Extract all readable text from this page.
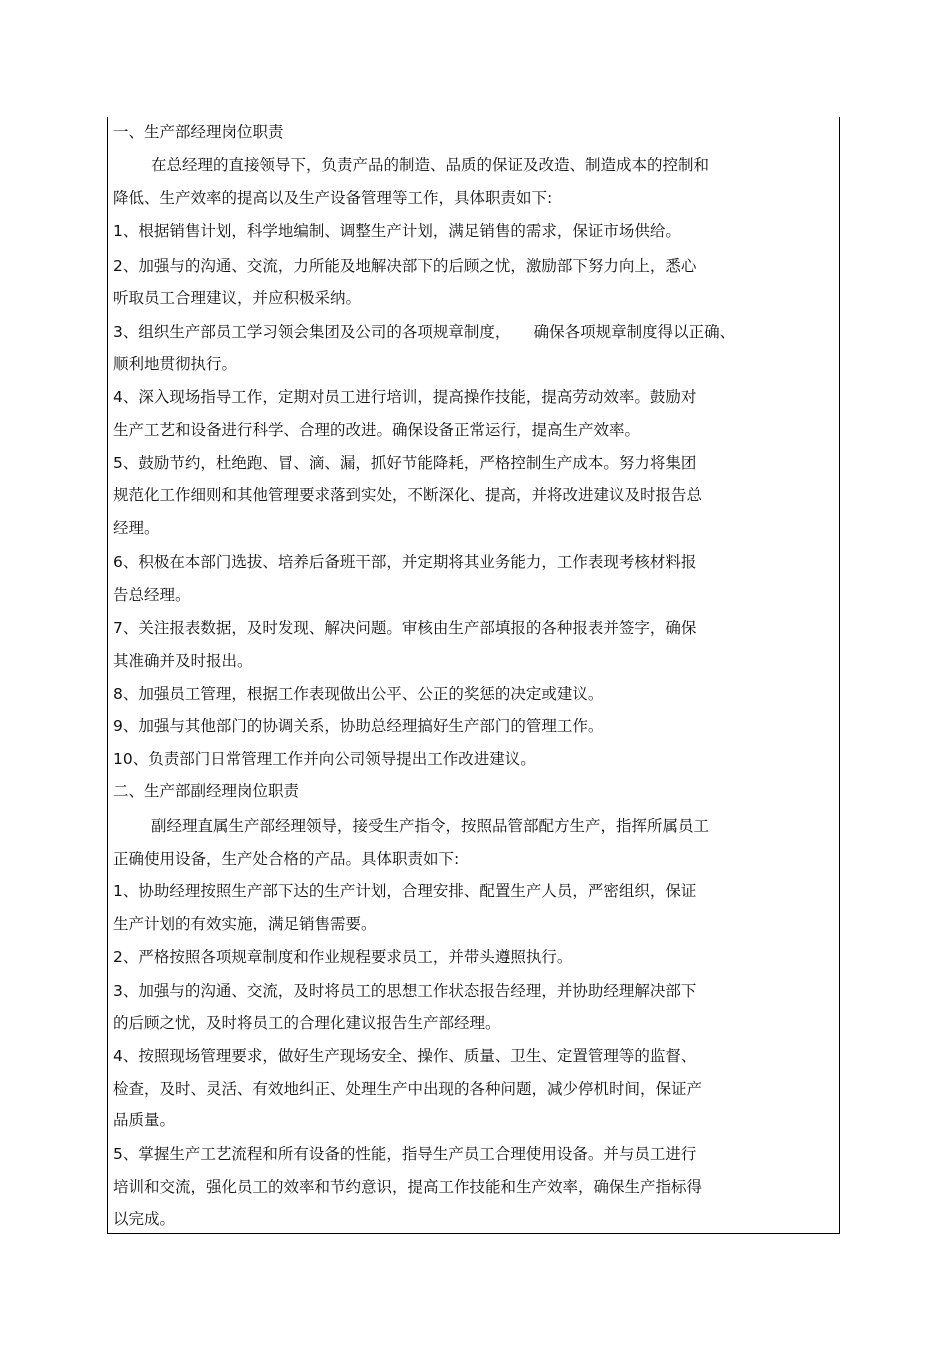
一、生产部经理岗位职责

在总经理的直接领导下，负责产品的制造、品质的保证及改造、制造成本的控制和

降低、生产效率的提高以及生产设备管理等工作，具体职责如下:

1、根据销售计划，科学地编制、调整生产计划，满足销售的需求，保证市场供给。

2、加强与的沟通、交流，力所能及地解决部下的后顾之忧，激励部下努力向上，悉心

听取员工合理建议，并应积极采纳。

3、组织生产部员工学习领会集团及公司的各项规章制度，　　确保各项规章制度得以正确、

顺利地贯彻执行。

4、深入现场指导工作，定期对员工进行培训，提高操作技能，提高劳动效率。鼓励对

生产工艺和设备进行科学、合理的改进。确保设备正常运行，提高生产效率。

5、鼓励节约，杜绝跑、冒、滴、漏，抓好节能降耗，严格控制生产成本。努力将集团

规范化工作细则和其他管理要求落到实处，不断深化、提高，并将改进建议及时报告总

经理。

6、积极在本部门选拔、培养后备班干部，并定期将其业务能力，工作表现考核材料报

告总经理。

7、关注报表数据，及时发现、解决问题。审核由生产部填报的各种报表并签字，确保

其准确并及时报出。

8、加强员工管理，根据工作表现做出公平、公正的奖惩的决定或建议。

9、加强与其他部门的协调关系，协助总经理搞好生产部门的管理工作。

10、负责部门日常管理工作并向公司领导提出工作改进建议。

二、生产部副经理岗位职责

副经理直属生产部经理领导，接受生产指令，按照品管部配方生产，指挥所属员工

正确使用设备，生产处合格的产品。具体职责如下:

1、协助经理按照生产部下达的生产计划，合理安排、配置生产人员，严密组织，保证

生产计划的有效实施，满足销售需要。

2、严格按照各项规章制度和作业规程要求员工，并带头遵照执行。

3、加强与的沟通、交流，及时将员工的思想工作状态报告经理，并协助经理解决部下

的后顾之忧，及时将员工的合理化建议报告生产部经理。

4、按照现场管理要求，做好生产现场安全、操作、质量、卫生、定置管理等的监督、

检查，及时、灵活、有效地纠正、处理生产中出现的各种问题，减少停机时间，保证产

品质量。

5、掌握生产工艺流程和所有设备的性能，指导生产员工合理使用设备。并与员工进行

培训和交流，强化员工的效率和节约意识，提高工作技能和生产效率，确保生产指标得

以完成。
